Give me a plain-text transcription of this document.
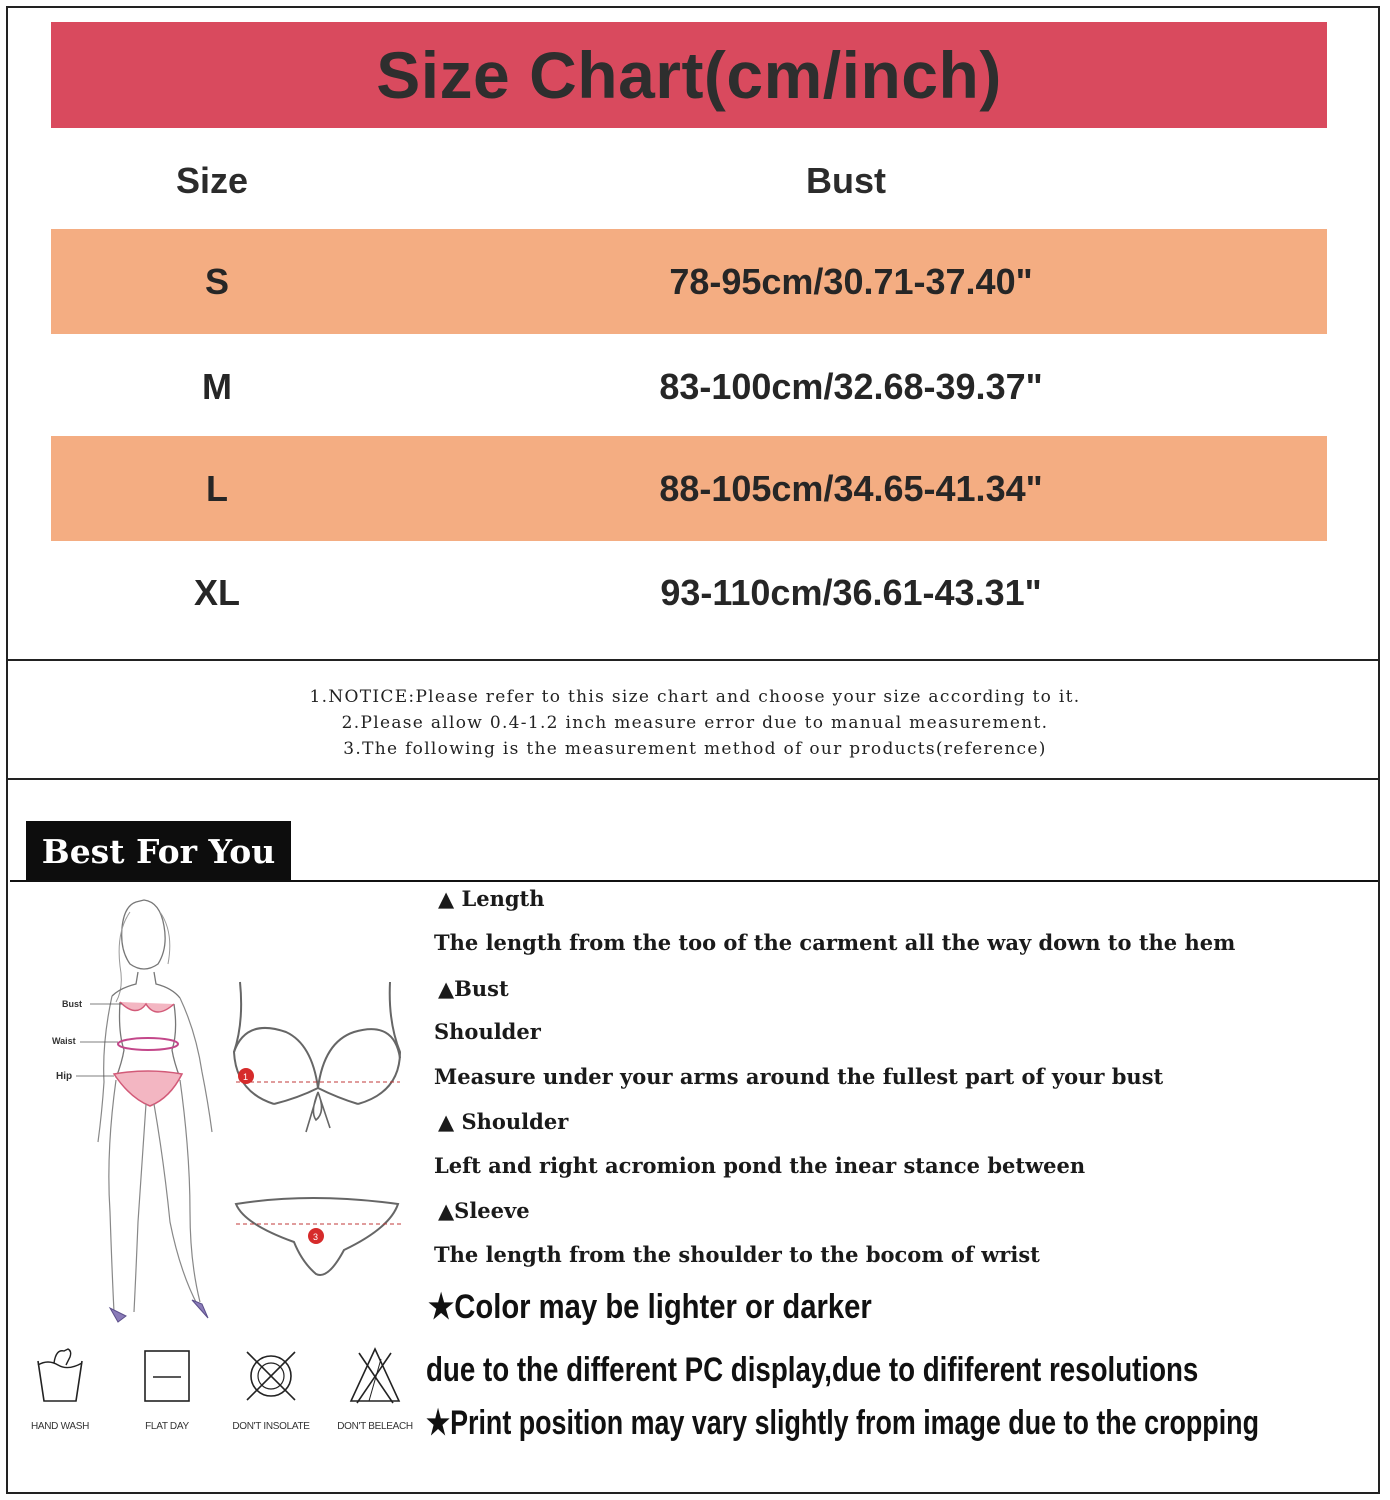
Size Chart(cm/inch)
Size	Bust
S	78-95cm/30.71-37.40"
M	83-100cm/32.68-39.37"
L	88-105cm/34.65-41.34"
XL	93-110cm/36.61-43.31"
1.NOTICE:Please refer to this size chart and choose your size according to it.
2.Please allow 0.4-1.2 inch measure error due to manual measurement.
3.The following is the measurement method of our products(reference)
Best For You
Bust
Waist
Hip	1
3
▲ Length
The length from the too of the carment all the way down to the hem
▲Bust
Shoulder
Measure under your arms around the fullest part of your bust
▲ Shoulder
Left and right acromion pond the inear stance between
▲Sleeve
The length from the shoulder to the bocom of wrist
★Color may be lighter or darker
due to the different PC display,due to dififerent resolutions
★Print position may vary slightly from image due to the cropping
HAND WASH	FLAT DAY	DON'T INSOLATE	DON'T BELEACH
